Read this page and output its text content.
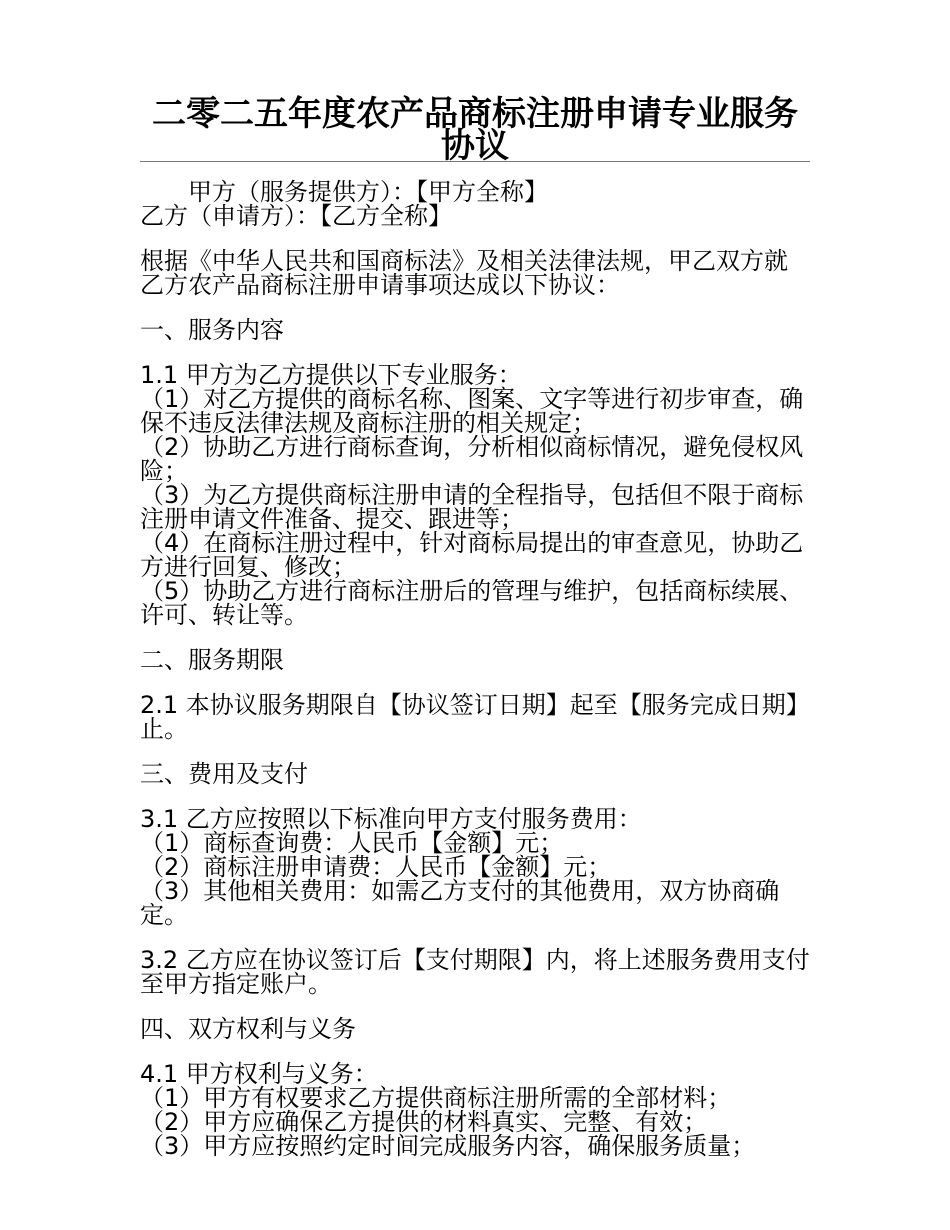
二零二五年度农产品商标注册申请专业服务协议

甲方（服务提供方）：【甲方全称】

乙方（申请方）：【乙方全称】

根据《中华人民共和国商标法》及相关法律法规，甲乙双方就乙方农产品商标注册申请事项达成以下协议：

一、服务内容

1.1 甲方为乙方提供以下专业服务：

（1）对乙方提供的商标名称、图案、文字等进行初步审查，确保不违反法律法规及商标注册的相关规定；

（2）协助乙方进行商标查询，分析相似商标情况，避免侵权风险；

（3）为乙方提供商标注册申请的全程指导，包括但不限于商标注册申请文件准备、提交、跟进等；

（4）在商标注册过程中，针对商标局提出的审查意见，协助乙方进行回复、修改；

（5）协助乙方进行商标注册后的管理与维护，包括商标续展、许可、转让等。

二、服务期限

2.1 本协议服务期限自【协议签订日期】起至【服务完成日期】止。

三、费用及支付

3.1 乙方应按照以下标准向甲方支付服务费用：

（1）商标查询费：人民币【金额】元；

（2）商标注册申请费：人民币【金额】元；

（3）其他相关费用：如需乙方支付的其他费用，双方协商确定。

3.2 乙方应在协议签订后【支付期限】内，将上述服务费用支付至甲方指定账户。

四、双方权利与义务

4.1 甲方权利与义务：

（1）甲方有权要求乙方提供商标注册所需的全部材料；

（2）甲方应确保乙方提供的材料真实、完整、有效；

（3）甲方应按照约定时间完成服务内容，确保服务质量；
